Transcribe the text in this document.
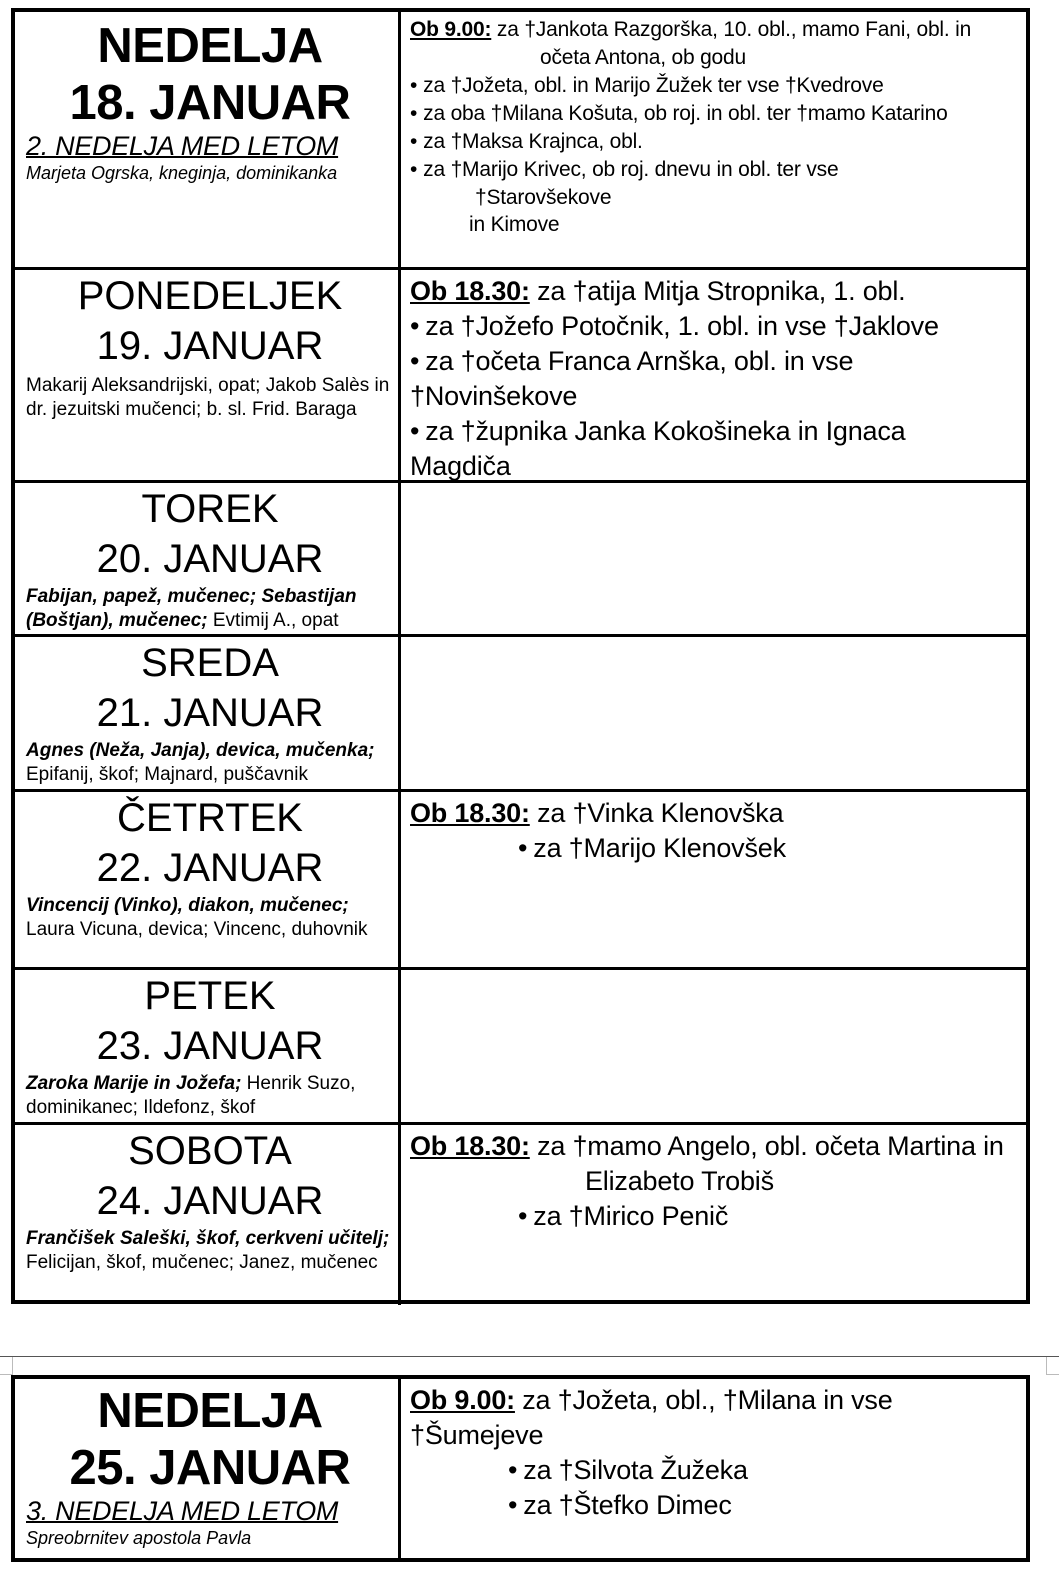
NEDELJA
18. JANUAR
2. NEDELJA MED LETOM
Marjeta Ogrska, kneginja, dominikanka
Ob 9.00: za †Jankota Razgorška, 10. obl., mamo Fani, obl. in
očeta Antona, ob godu
• za †Jožeta, obl. in Marijo Žužek ter vse †Kvedrove
• za oba †Milana Košuta, ob roj. in obl. ter †mamo Katarino
• za †Maksa Krajnca, obl.
• za †Marijo Krivec, ob roj. dnevu in obl. ter vse
†Starovšekove
in Kimove
PONEDELJEK
19. JANUAR
Makarij Aleksandrijski, opat; Jakob Salès in dr. jezuitski mučenci; b. sl. Frid. Baraga
Ob 18.30: za †atija Mitja Stropnika, 1. obl.
• za †Jožefo Potočnik, 1. obl. in vse †Jaklove
• za †očeta Franca Arnška, obl. in vse †Novinšekove
• za †župnika Janka Kokošineka in Ignaca Magdiča
TOREK
20. JANUAR
Fabijan, papež, mučenec; Sebastijan (Boštjan), mučenec; Evtimij A., opat
SREDA
21. JANUAR
Agnes (Neža, Janja), devica, mučenka;
Epifanij, škof; Majnard, puščavnik
ČETRTEK
22. JANUAR
Vincencij (Vinko), diakon, mučenec;
Laura Vicuna, devica; Vincenc, duhovnik
Ob 18.30: za †Vinka Klenovška
• za †Marijo Klenovšek
PETEK
23. JANUAR
Zaroka Marije in Jožefa; Henrik Suzo, dominikanec; Ildefonz, škof
SOBOTA
24. JANUAR
Frančišek Saleški, škof, cerkveni učitelj; Felicijan, škof, mučenec; Janez, mučenec
Ob 18.30: za †mamo Angelo, obl. očeta Martina in
Elizabeto Trobiš
• za †Mirico Penič
NEDELJA
25. JANUAR
3. NEDELJA MED LETOM
Spreobrnitev apostola Pavla
Ob 9.00: za †Jožeta, obl., †Milana in vse †Šumejeve
• za †Silvota Žužeka
• za †Štefko Dimec
